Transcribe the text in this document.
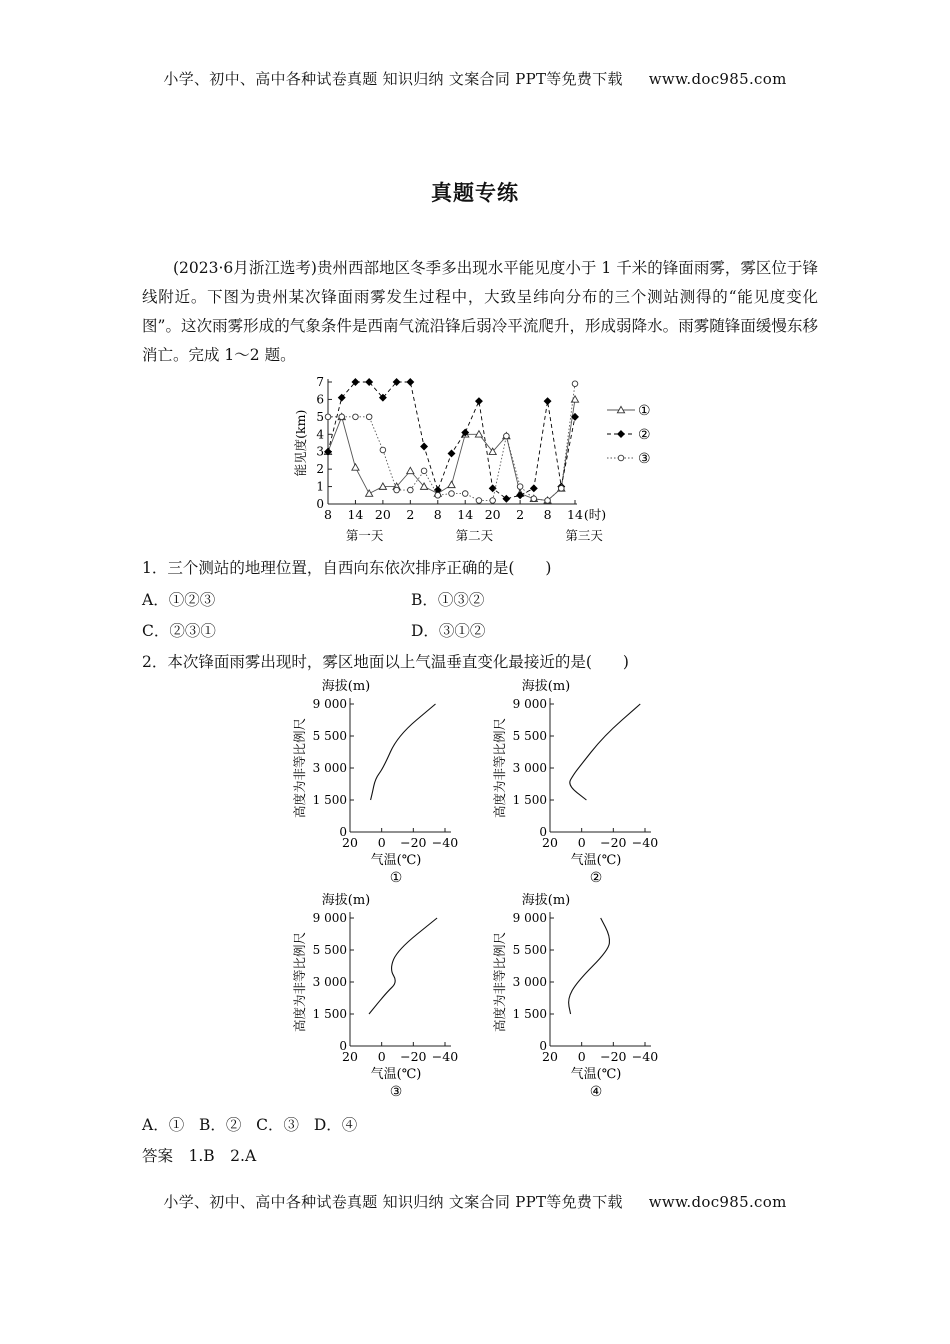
小学、初中、高中各种试卷真题 知识归纳 文案合同 PPT等免费下载 www.doc985.com
真题专练

(2023·6月浙江选考)贵州西部地区冬季多出现水平能见度小于 1 千米的锋面雨雾，雾区位于锋线附近。下图为贵州某次锋面雨雾发生过程中，大致呈纬向分布的三个测站测得的“能见度变化图”。这次雨雾形成的气象条件是西南气流沿锋后弱冷平流爬升，形成弱降水。雨雾随锋面缓慢东移消亡。完成 1～2 题。

0
1
2
3
4
5
6
7
能见度(km)
8 14 20 2 8 14 20 2 8 14 (时)
第一天	第二天	第三天
①
②
③
1．三个测站的地理位置，自西向东依次排序正确的是(　　)
A．①②③	B．①③②
C．②③①	D．③①②
2．本次锋面雨雾出现时，雾区地面以上气温垂直变化最接近的是(　　)
海拔(m)
9 000
5 500
3 000
1 500
0
高度为非等比例尺
20 0 −20 −40
气温(℃)
①
海拔(m)
9 000
5 500
3 000
1 500
0
高度为非等比例尺
20 0 −20 −40
气温(℃)
②
海拔(m)
9 000
5 500
3 000
1 500
0
高度为非等比例尺
20 0 −20 −40
气温(℃)
③
海拔(m)
9 000
5 500
3 000
1 500
0
高度为非等比例尺
20 0 −20 −40
气温(℃)
④
A．① B．② C．③ D．④
答案　1.B　2.A
小学、初中、高中各种试卷真题 知识归纳 文案合同 PPT等免费下载 www.doc985.com
